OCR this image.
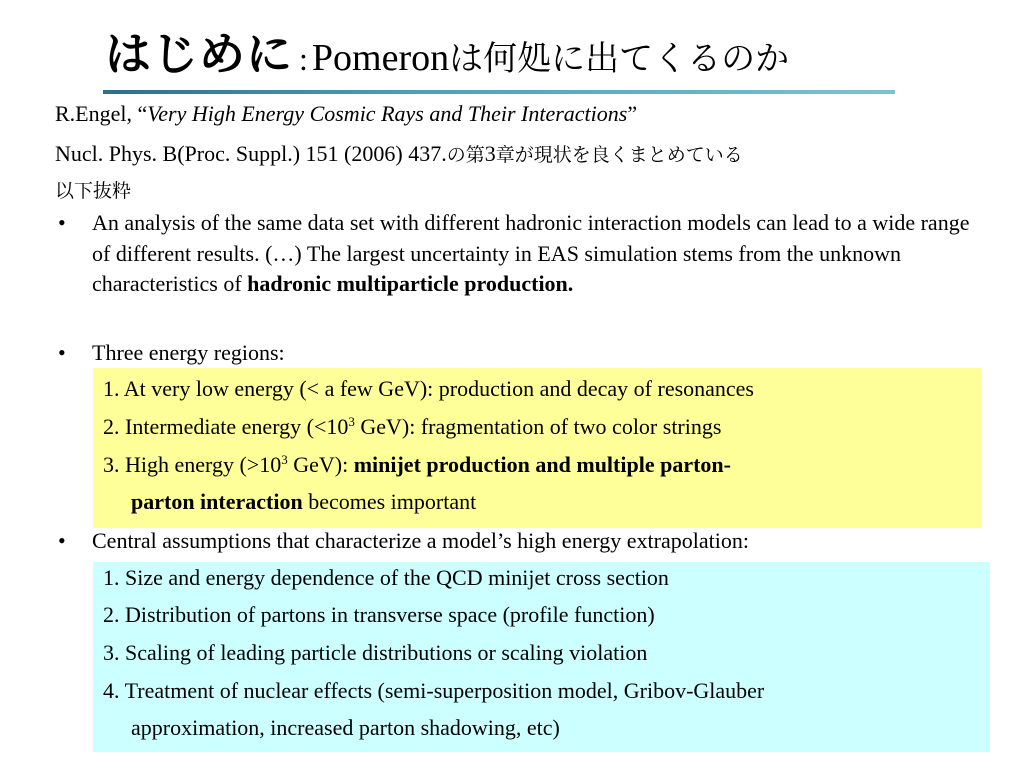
はじめに : Pomeronは何処に出てくるのか
R.Engel, “Very High Energy Cosmic Rays and Their Interactions”
Nucl. Phys. B(Proc. Suppl.) 151 (2006) 437.の第3章が現状を良くまとめている
以下抜粋
• An analysis of the same data set with different hadronic interaction models can lead to a wide range of different results. (…) The largest uncertainty in EAS simulation stems from the unknown characteristics of hadronic multiparticle production.
• Three energy regions:
1. At very low energy (< a few GeV): production and decay of resonances
2. Intermediate energy ($<10^3$ GeV): fragmentation of two color strings
3. High energy ($>10^3$ GeV): minijet production and multiple parton-
parton interaction becomes important
• Central assumptions that characterize a model’s high energy extrapolation:
1. Size and energy dependence of the QCD minijet cross section
2. Distribution of partons in transverse space (profile function)
3. Scaling of leading particle distributions or scaling violation
4. Treatment of nuclear effects (semi-superposition model, Gribov-Glauber
approximation, increased parton shadowing, etc)
